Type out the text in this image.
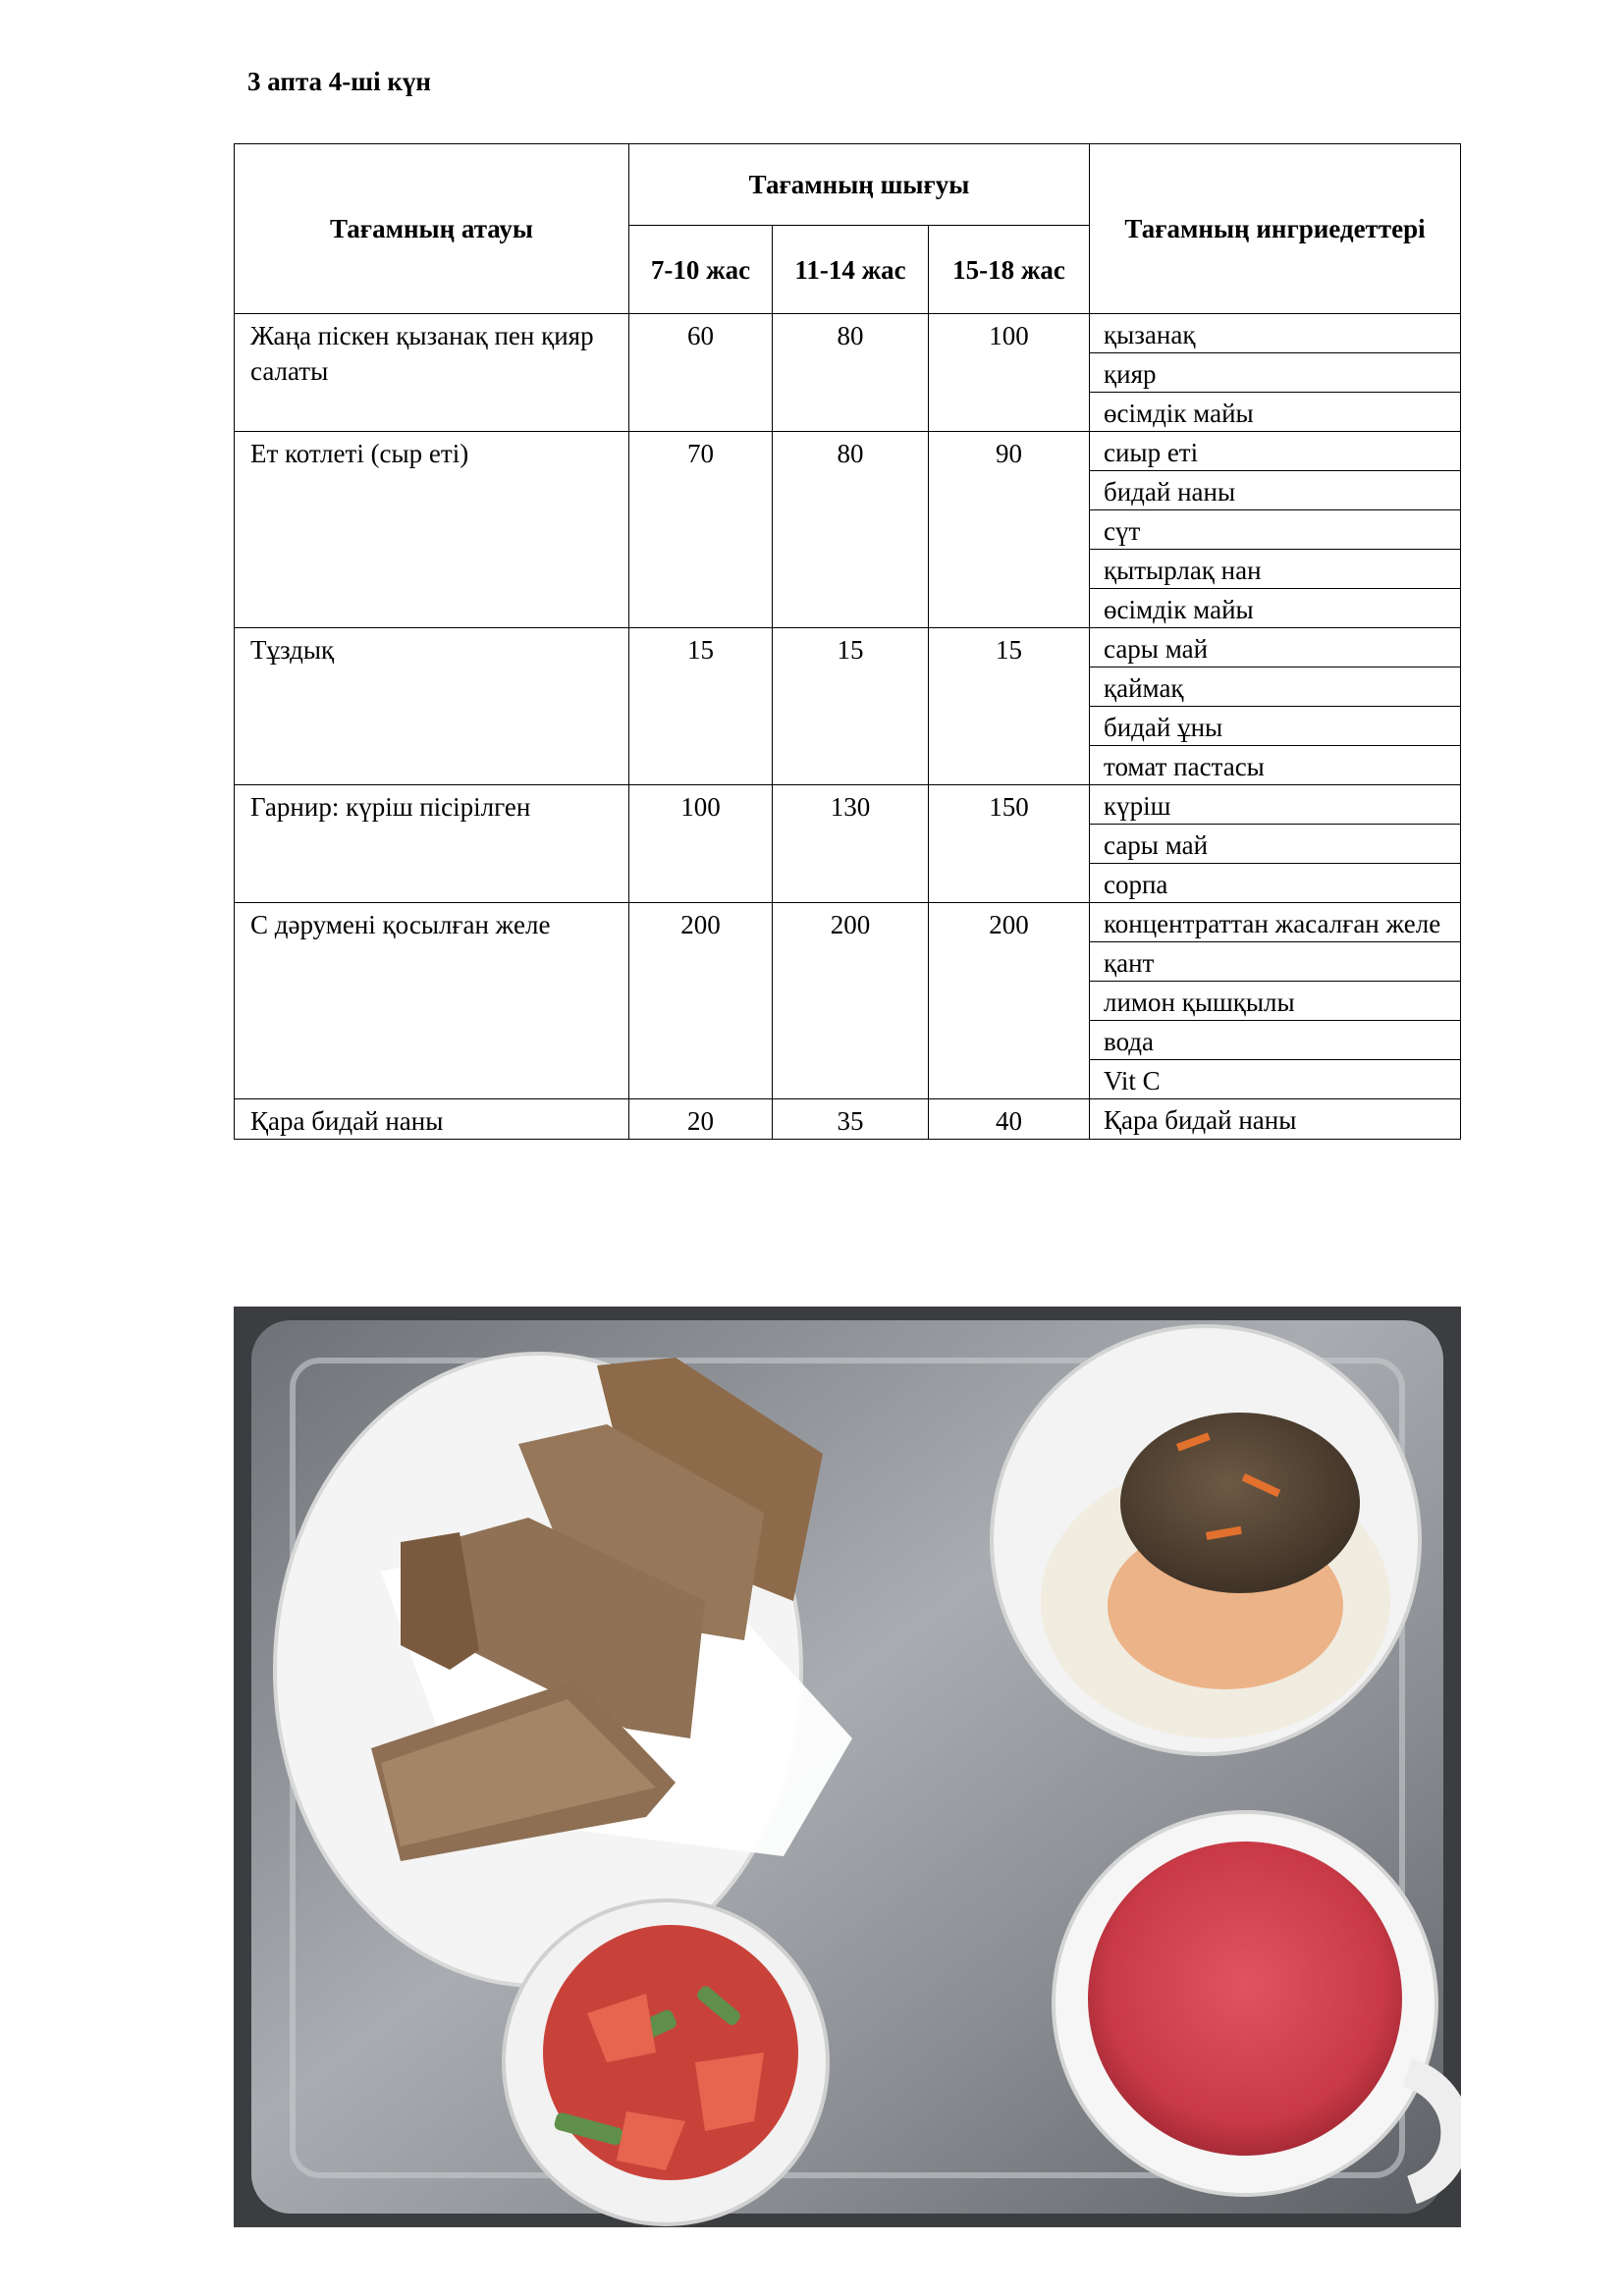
3 апта 4-ші күн
Тағамның атауы	Тағамның шығуы			Тағамның ингриедеттері
	7-10 жас	11-14 жас	15-18 жас	
Жаңа піскен қызанақ пен қияр салаты	60	80	100	қызанақ
қияр
өсімдік майы

Ет котлеті (сыр еті)	70	80	90	сиыр еті
бидай наны
сүт
қытырлақ нан
өсімдік майы

Тұздық	15	15	15	сары май
қаймақ
бидай ұны
томат пастасы

Гарнир: күріш пісірілген	100	130	150	күріш
сары май
сорпа

С дәрумені қосылған желе	200	200	200	концентраттан жасалған желе
қант
лимон қышқылы
вода
Vit C

Қара бидай наны	20	35	40	Қара бидай наны
